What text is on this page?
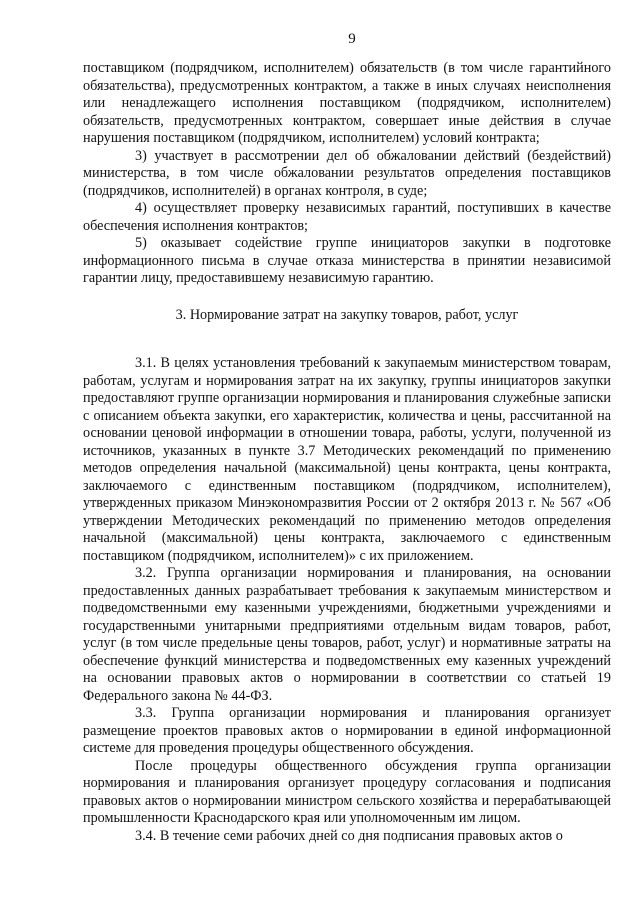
9
поставщиком (подрядчиком, исполнителем) обязательств (в том числе гарантийного обязательства), предусмотренных контрактом, а также в иных случаях неисполнения или ненадлежащего исполнения поставщиком (подрядчиком, исполнителем) обязательств, предусмотренных контрактом, совершает иные действия в случае нарушения поставщиком (подрядчиком, исполнителем) условий контракта;
3) участвует в рассмотрении дел об обжаловании действий (бездействий) министерства, в том числе обжаловании результатов определения поставщиков (подрядчиков, исполнителей) в органах контроля, в суде;
4) осуществляет проверку независимых гарантий, поступивших в качестве обеспечения исполнения контрактов;
5) оказывает содействие группе инициаторов закупки в подготовке информационного письма в случае отказа министерства в принятии независимой гарантии лицу, предоставившему независимую гарантию.
3. Нормирование затрат на закупку товаров, работ, услуг
3.1. В целях установления требований к закупаемым министерством товарам, работам, услугам и нормирования затрат на их закупку, группы инициаторов закупки предоставляют группе организации нормирования и планирования служебные записки с описанием объекта закупки, его характеристик, количества и цены, рассчитанной на основании ценовой информации в отношении товара, работы, услуги, полученной из источников, указанных в пункте 3.7 Методических рекомендаций по применению методов определения начальной (максимальной) цены контракта, цены контракта, заключаемого с единственным поставщиком (подрядчиком, исполнителем), утвержденных приказом Минэкономразвития России от 2 октября 2013 г. № 567 «Об утверждении Методических рекомендаций по применению методов определения начальной (максимальной) цены контракта, заключаемого с единственным поставщиком (подрядчиком, исполнителем)» с их приложением.
3.2. Группа организации нормирования и планирования, на основании предоставленных данных разрабатывает требования к закупаемым министерством и подведомственными ему казенными учреждениями, бюджетными учреждениями и государственными унитарными предприятиями отдельным видам товаров, работ, услуг (в том числе предельные цены товаров, работ, услуг) и нормативные затраты на обеспечение функций министерства и подведомственных ему казенных учреждений на основании правовых актов о нормировании в соответствии со статьей 19 Федерального закона № 44-ФЗ.
3.3. Группа организации нормирования и планирования организует размещение проектов правовых актов о нормировании в единой информационной системе для проведения процедуры общественного обсуждения.
После процедуры общественного обсуждения группа организации нормирования и планирования организует процедуру согласования и подписания правовых актов о нормировании министром сельского хозяйства и перерабатывающей промышленности Краснодарского края или уполномоченным им лицом.
3.4. В течение семи рабочих дней со дня подписания правовых актов о
